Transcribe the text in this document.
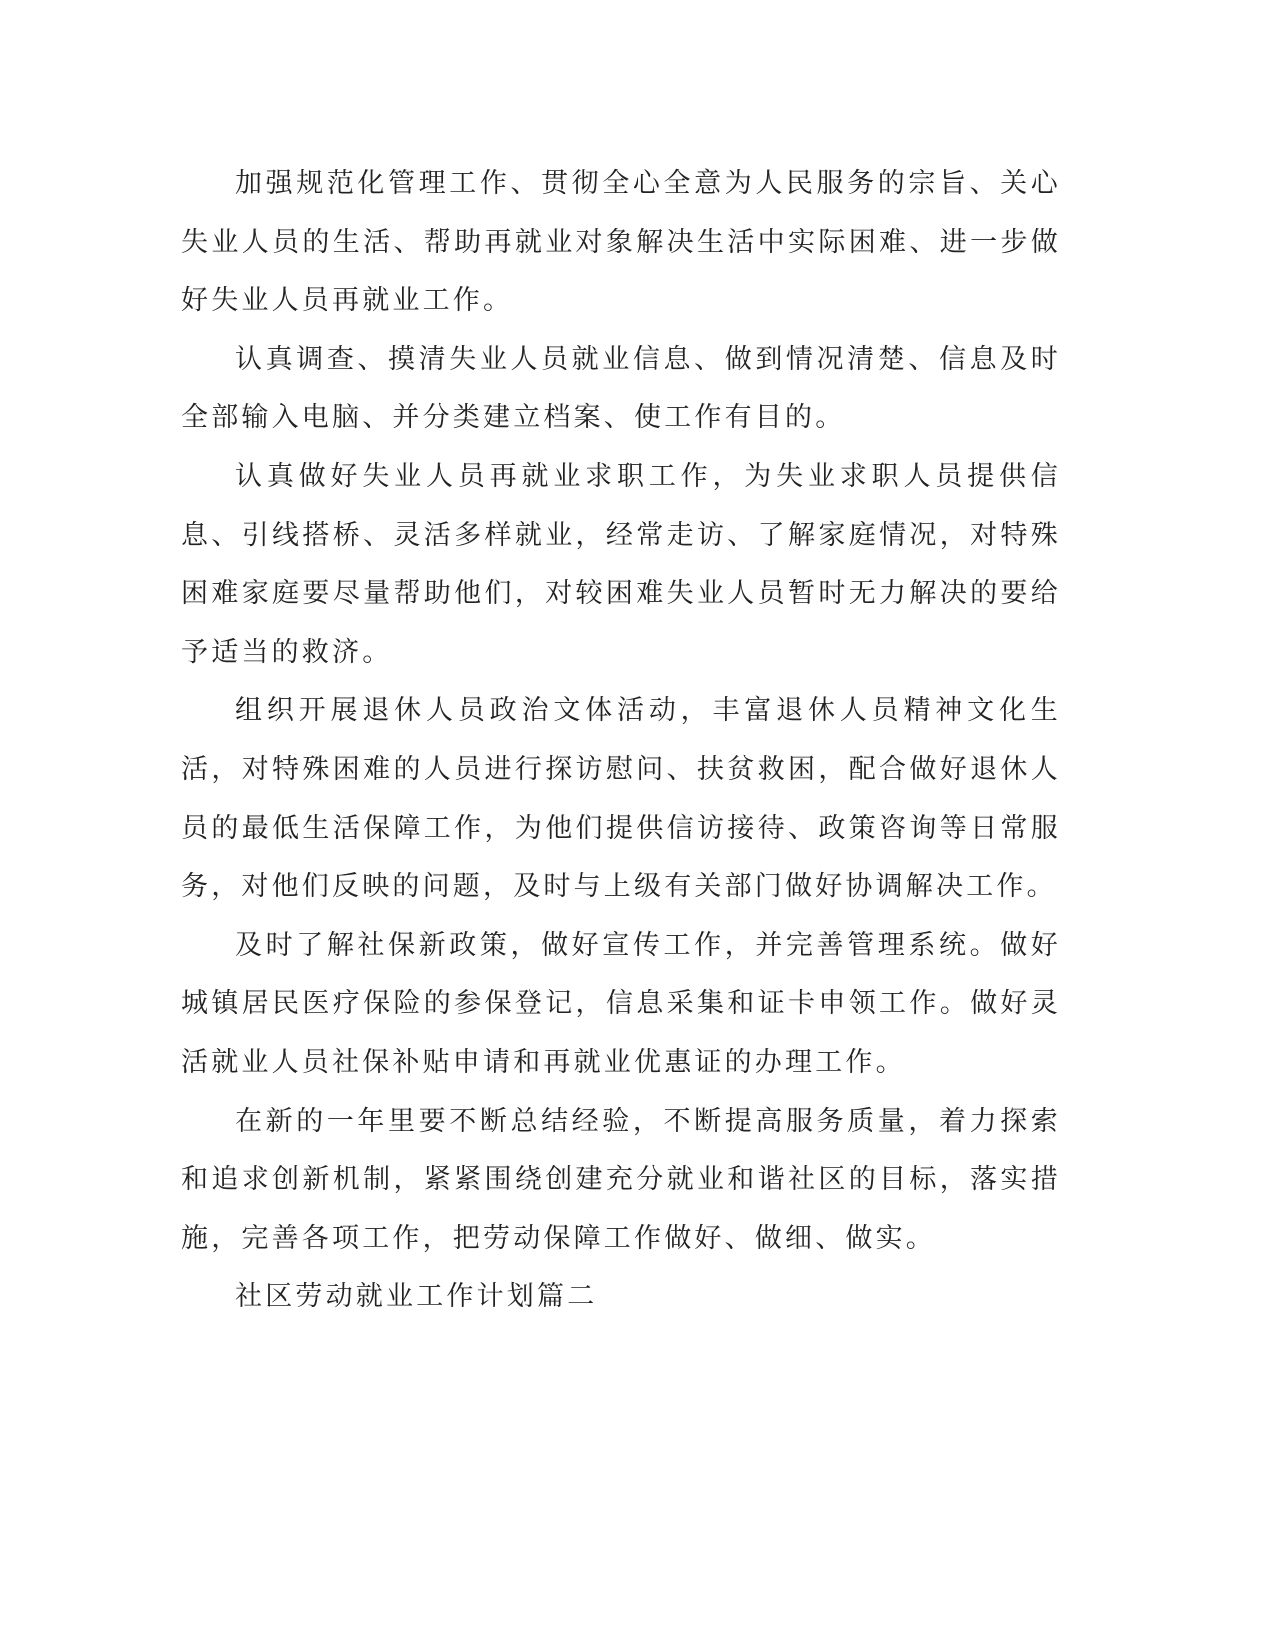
加强规范化管理工作、贯彻全心全意为人民服务的宗旨、关心失业人员的生活、帮助再就业对象解决生活中实际困难、进一步做好失业人员再就业工作。

认真调查、摸清失业人员就业信息、做到情况清楚、信息及时全部输入电脑、并分类建立档案、使工作有目的。

认真做好失业人员再就业求职工作，为失业求职人员提供信息、引线搭桥、灵活多样就业，经常走访、了解家庭情况，对特殊困难家庭要尽量帮助他们，对较困难失业人员暂时无力解决的要给予适当的救济。

组织开展退休人员政治文体活动，丰富退休人员精神文化生活，对特殊困难的人员进行探访慰问、扶贫救困，配合做好退休人员的最低生活保障工作，为他们提供信访接待、政策咨询等日常服务，对他们反映的问题，及时与上级有关部门做好协调解决工作。

及时了解社保新政策，做好宣传工作，并完善管理系统。做好城镇居民医疗保险的参保登记，信息采集和证卡申领工作。做好灵活就业人员社保补贴申请和再就业优惠证的办理工作。

在新的一年里要不断总结经验，不断提高服务质量，着力探索和追求创新机制，紧紧围绕创建充分就业和谐社区的目标，落实措施，完善各项工作，把劳动保障工作做好、做细、做实。

社区劳动就业工作计划篇二
